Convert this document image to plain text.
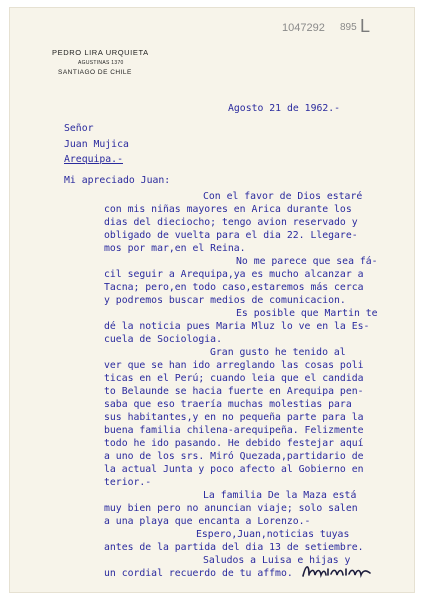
1047292 895 L
PEDRO LIRA URQUIETA
AGUSTINAS 1370
SANTIAGO DE CHILE
Agosto 21 de 1962.-
Señor
Juan Mujica
Arequipa.-
Mi apreciado Juan:
Con el favor de Dios estaré
con mis niñas mayores en Arica durante los
dias del dieciocho; tengo avion reservado y
obligado de vuelta para el dia 22. Llegare-
mos por mar,en el Reina.
No me parece que sea fá-
cil seguir a Arequipa,ya es mucho alcanzar a
Tacna; pero,en todo caso,estaremos más cerca
y podremos buscar medios de comunicacion.
Es posible que Martin te
dé la noticia pues Maria Mluz lo ve en la Es-
cuela de Sociologia.
Gran gusto he tenido al
ver que se han ido arreglando las cosas poli
ticas en el Perú; cuando leia que el candida
to Belaunde se hacia fuerte en Arequipa pen-
saba que eso traería muchas molestias para
sus habitantes,y en no pequeña parte para la
buena familia chilena-arequipeña. Felizmente
todo he ido pasando. He debido festejar aquí
a uno de los srs. Miró Quezada,partidario de
la actual Junta y poco afecto al Gobierno en
terior.-
La familia De la Maza está
muy bien pero no anuncian viaje; solo salen
a una playa que encanta a Lorenzo.-
Espero,Juan,noticias tuyas
antes de la partida del dia 13 de setiembre.
Saludos a Luisa e hijas y
un cordial recuerdo de tu affmo.
